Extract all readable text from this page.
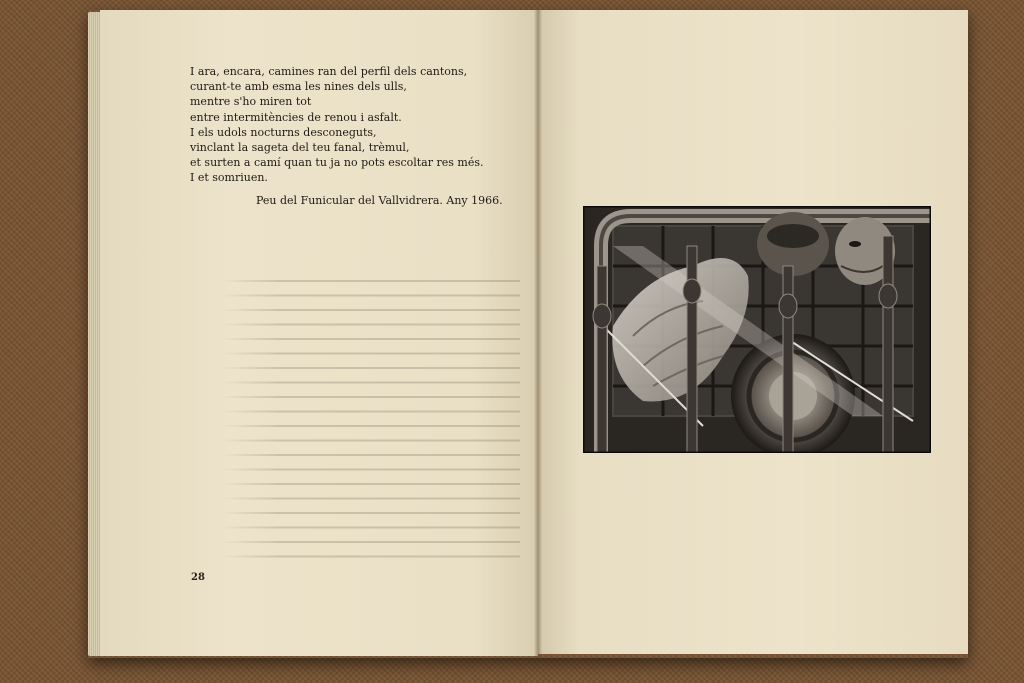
I ara, encara, camines ran del perfil dels cantons,
curant-te amb esma les nines dels ulls,
mentre s'ho miren tot
entre intermitències de renou i asfalt.
I els udols nocturns desconeguts,
vinclant la sageta del teu fanal, trèmul,
et surten a camí quan tu ja no pots escoltar res més.
I et somriuen.
Peu del Funicular del Vallvidrera. Any 1966.
28
